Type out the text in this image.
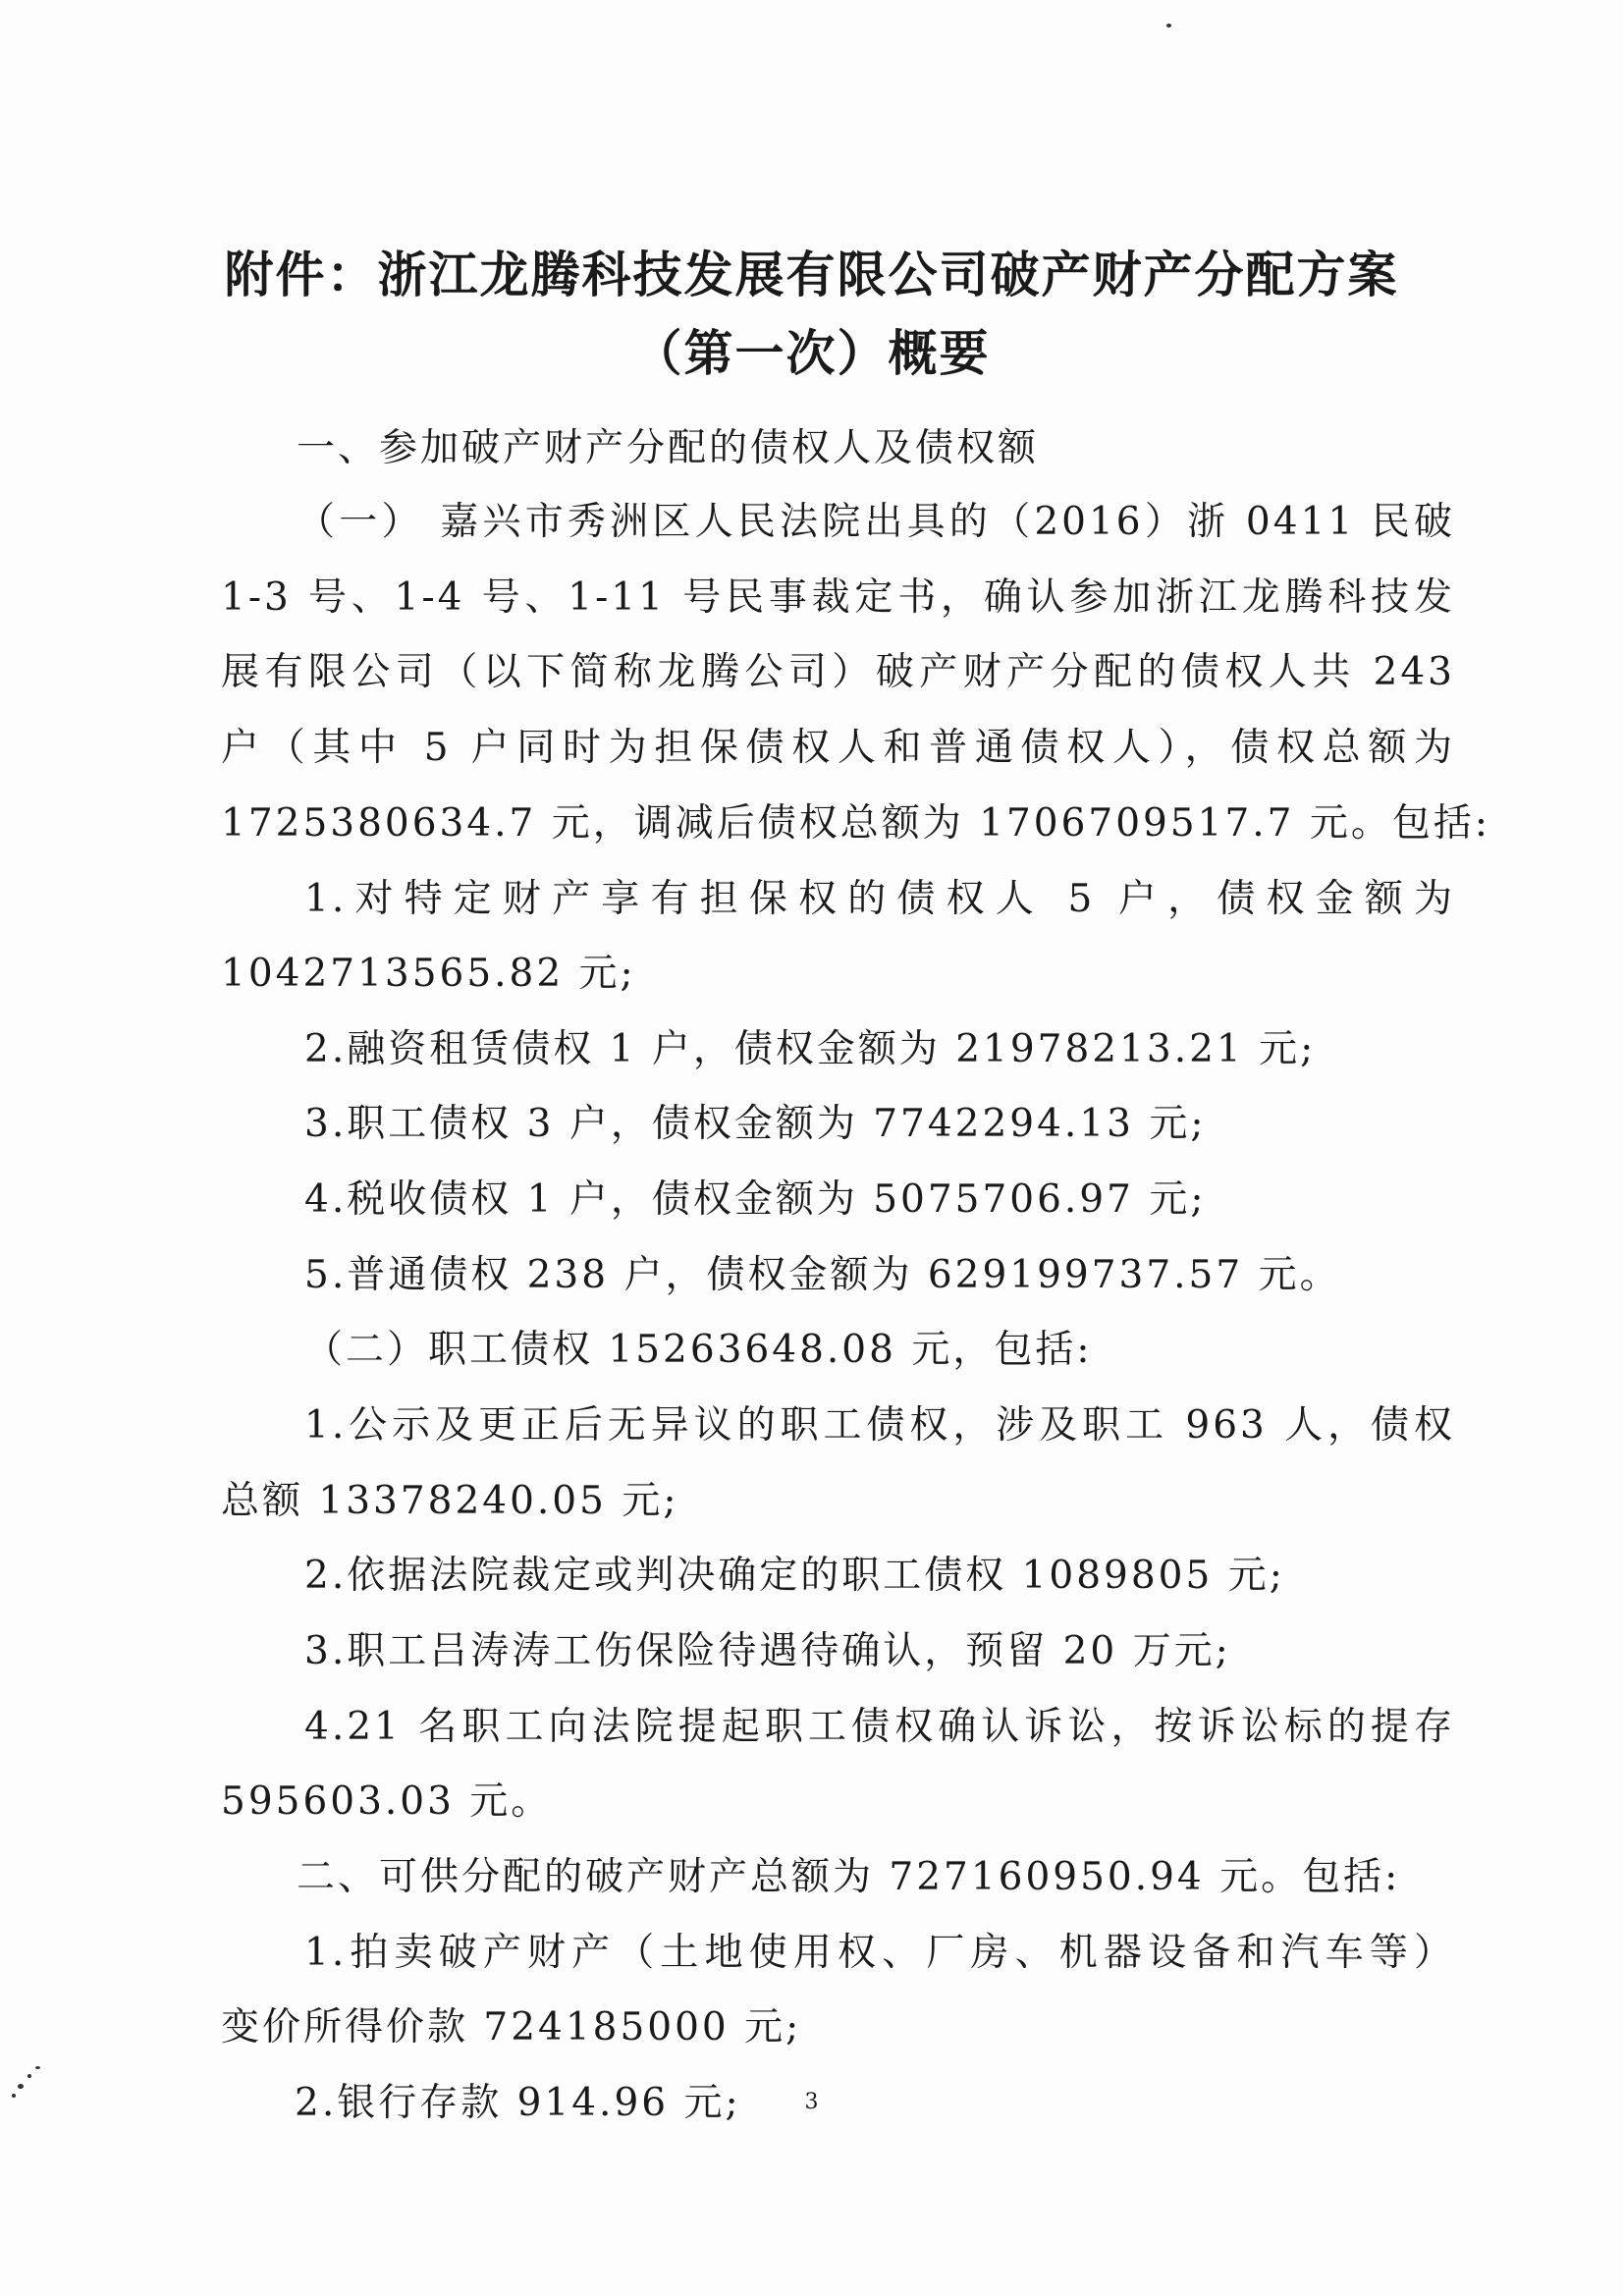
附件：浙江龙腾科技发展有限公司破产财产分配方案
（第一次）概要
一、参加破产财产分配的债权人及债权额
（一） 嘉兴市秀洲区人民法院出具的（2016）浙 0411 民破
1-3 号、1-4 号、1-11 号民事裁定书，确认参加浙江龙腾科技发
展有限公司（以下简称龙腾公司）破产财产分配的债权人共 243
户（其中 5 户同时为担保债权人和普通债权人），债权总额为
1725380634.7 元，调减后债权总额为 1706709517.7 元。包括:
1.对特定财产享有担保权的债权人 5 户，债权金额为
1042713565.82 元;
2.融资租赁债权 1 户，债权金额为 21978213.21 元;
3.职工债权 3 户，债权金额为 7742294.13 元;
4.税收债权 1 户，债权金额为 5075706.97 元;
5.普通债权 238 户，债权金额为 629199737.57 元。
（二）职工债权 15263648.08 元，包括:
1.公示及更正后无异议的职工债权，涉及职工 963 人，债权
总额 13378240.05 元;
2.依据法院裁定或判决确定的职工债权 1089805 元;
3.职工吕涛涛工伤保险待遇待确认，预留 20 万元;
4.21 名职工向法院提起职工债权确认诉讼，按诉讼标的提存
595603.03 元。
二、可供分配的破产财产总额为 727160950.94 元。包括:
1.拍卖破产财产（土地使用权、厂房、机器设备和汽车等）
变价所得价款 724185000 元;
2.银行存款 914.96 元;	3
